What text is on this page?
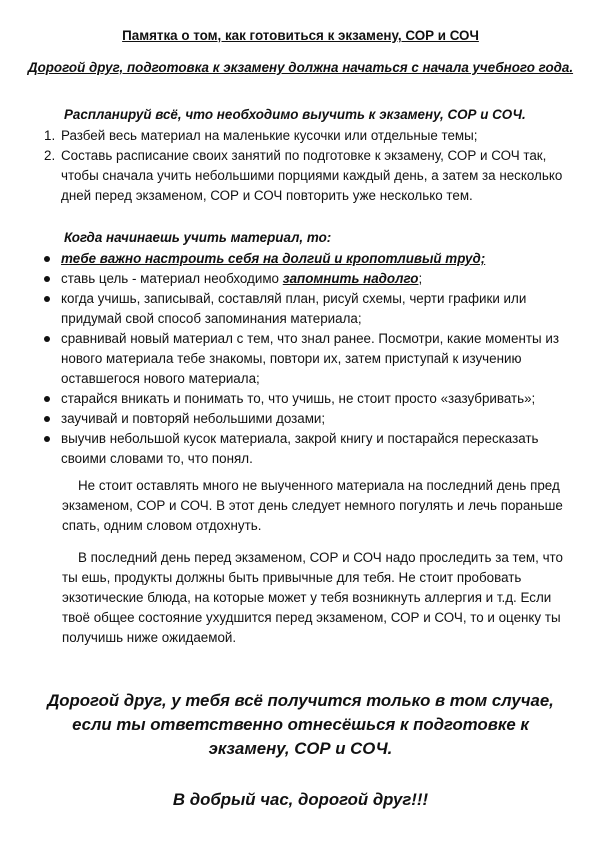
Памятка о том, как готовиться к экзамену, СОР и СОЧ
Дорогой друг, подготовка к экзамену должна начаться с начала учебного года.
Распланируй всё, что необходимо выучить к экзамену, СОР и СОЧ.
1. Разбей весь материал на маленькие кусочки или отдельные темы;
2. Составь расписание своих занятий по подготовке к экзамену, СОР и СОЧ так, чтобы сначала учить небольшими порциями каждый день, а затем за несколько дней перед экзаменом, СОР и СОЧ повторить уже несколько тем.
Когда начинаешь учить материал, то:
тебе важно настроить себя на долгий и кропотливый труд;
ставь цель - материал необходимо запомнить надолго;
когда учишь, записывай, составляй план, рисуй схемы, черти графики или придумай свой способ запоминания материала;
сравнивай новый материал с тем, что знал ранее. Посмотри, какие моменты из нового материала тебе знакомы, повтори их, затем приступай к изучению оставшегося нового материала;
старайся вникать и понимать то, что учишь, не стоит просто «зазубривать»;
заучивай и повторяй небольшими дозами;
выучив небольшой кусок материала, закрой книгу и постарайся пересказать своими словами то, что понял.
Не стоит оставлять много не выученного материала на последний день пред экзаменом, СОР и СОЧ. В этот день следует немного погулять и лечь пораньше спать, одним словом отдохнуть.
В последний день перед экзаменом, СОР и СОЧ надо проследить за тем, что ты ешь, продукты должны быть привычные для тебя. Не стоит пробовать экзотические блюда, на которые может у тебя возникнуть аллергия и т.д. Если твоё общее состояние ухудшится перед экзаменом, СОР и СОЧ, то и оценку ты получишь ниже ожидаемой.
Дорогой друг, у тебя всё получится только в том случае, если ты ответственно отнесёшься к подготовке к экзамену, СОР и СОЧ.
В добрый час, дорогой друг!!!
